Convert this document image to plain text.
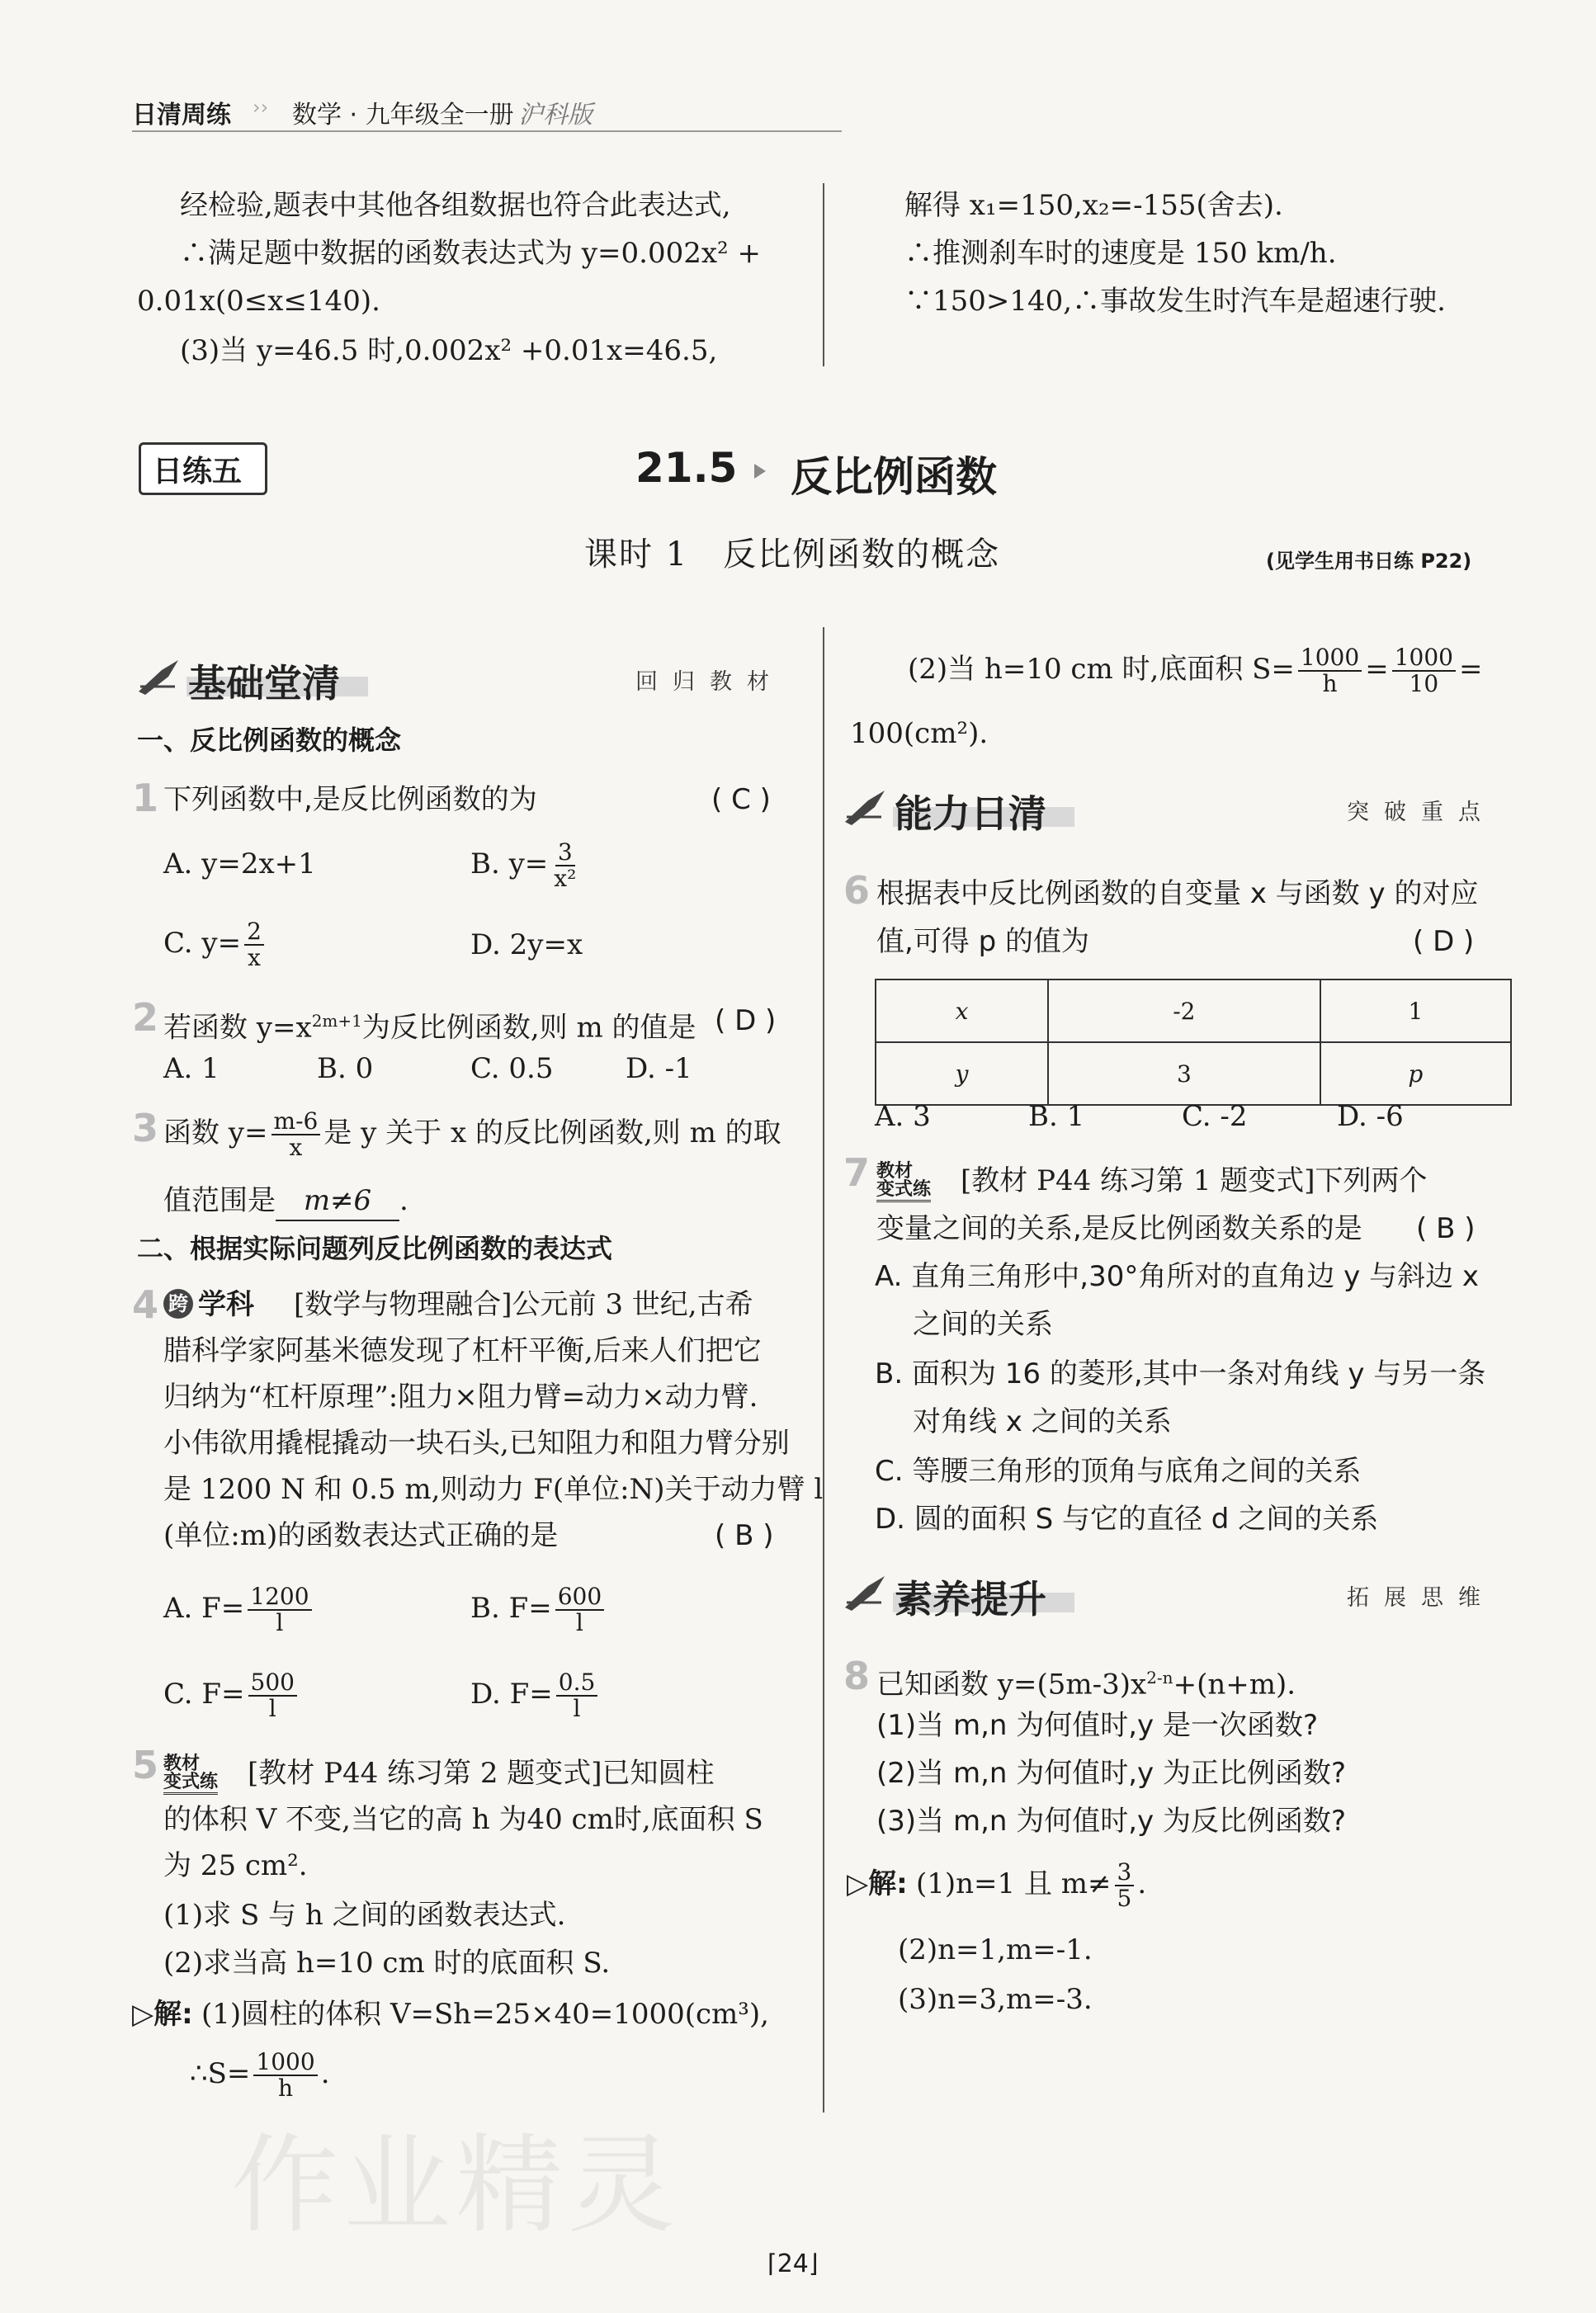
日清周练 ›› 数学 · 九年级全一册 沪科版
经检验,题表中其他各组数据也符合此表达式,
∴满足题中数据的函数表达式为 y=0.002x² +
0.01x(0≤x≤140).
(3)当 y=46.5 时,0.002x² +0.01x=46.5,
解得 x₁=150,x₂=-155(舍去).
∴推测刹车时的速度是 150 km/h.
∵150>140,∴事故发生时汽车是超速行驶.
日练五	21.5 反比例函数
课时 1　反比例函数的概念	(见学生用书日练 P22)
基础堂清	回归教材
一、反比例函数的概念
1 下列函数中,是反比例函数的为	( C )
A. y=2x+1	B. $y= \frac{3}{\text{x²}}$
C. $y= \frac{2}{x}$	D. 2y=x
2 若函数 $y=x^{2m+1}$为反比例函数,则 m 的值是 ( D )
A. 1	B. 0	C. 0.5	D. -1
3 函数 $y= \frac{m-6}{x}$ 是 y 关于 x 的反比例函数,则 m 的取
值范围是 m≠6 .
二、根据实际问题列反比例函数的表达式
4 跨 学科 [数学与物理融合]公元前 3 世纪,古希
腊科学家阿基米德发现了杠杆平衡,后来人们把它
归纳为“杠杆原理”:阻力×阻力臂=动力×动力臂.
小伟欲用撬棍撬动一块石头,已知阻力和阻力臂分别
是 1200 N 和 0.5 m,则动力 F(单位:N)关于动力臂 l
(单位:m)的函数表达式正确的是	( B )
A. $F= \frac{1200}{l}$	B. $F= \frac{600}{l}$
C. $F= \frac{500}{l}$	D. $F= \frac{0.5}{l}$
5 教材
变式练 [教材 P44 练习第 2 题变式]已知圆柱
的体积 V 不变,当它的高 h 为40 cm时,底面积 S
为 25 cm².
(1)求 S 与 h 之间的函数表达式.
(2)求当高 h=10 cm 时的底面积 S.
▷解: (1)圆柱的体积 V=Sh=25×40=1000(cm³),
∴S= $\frac{1000}{h}$ .
作业精灵
(2)当 h=10 cm 时,底面积 $S= \frac{1000}{h} = \frac{1000}{10}$ =
100(cm²).
能力日清	突破重点
6 根据表中反比例函数的自变量 x 与函数 y 的对应
值,可得 p 的值为	( D )
x	-2	1
y	3	p
A. 3	B. 1	C. -2	D. -6
7 教材
变式练 [教材 P44 练习第 1 题变式]下列两个
变量之间的关系,是反比例函数关系的是 ( B )
A. 直角三角形中,30°角所对的直角边 y 与斜边 x
之间的关系
B. 面积为 16 的菱形,其中一条对角线 y 与另一条
对角线 x 之间的关系
C. 等腰三角形的顶角与底角之间的关系
D. 圆的面积 S 与它的直径 d 之间的关系
素养提升	拓展思维
8 已知函数 $y=(5m-3)x^{2-n}+(n+m)$.
(1)当 m,n 为何值时,y 是一次函数?
(2)当 m,n 为何值时,y 为正比例函数?
(3)当 m,n 为何值时,y 为反比例函数?
▷解: (1)n=1 且 $m\ne \frac{3}{5}$ .
(2)n=1,m=-1.
(3)n=3,m=-3.
⌈24⌋
